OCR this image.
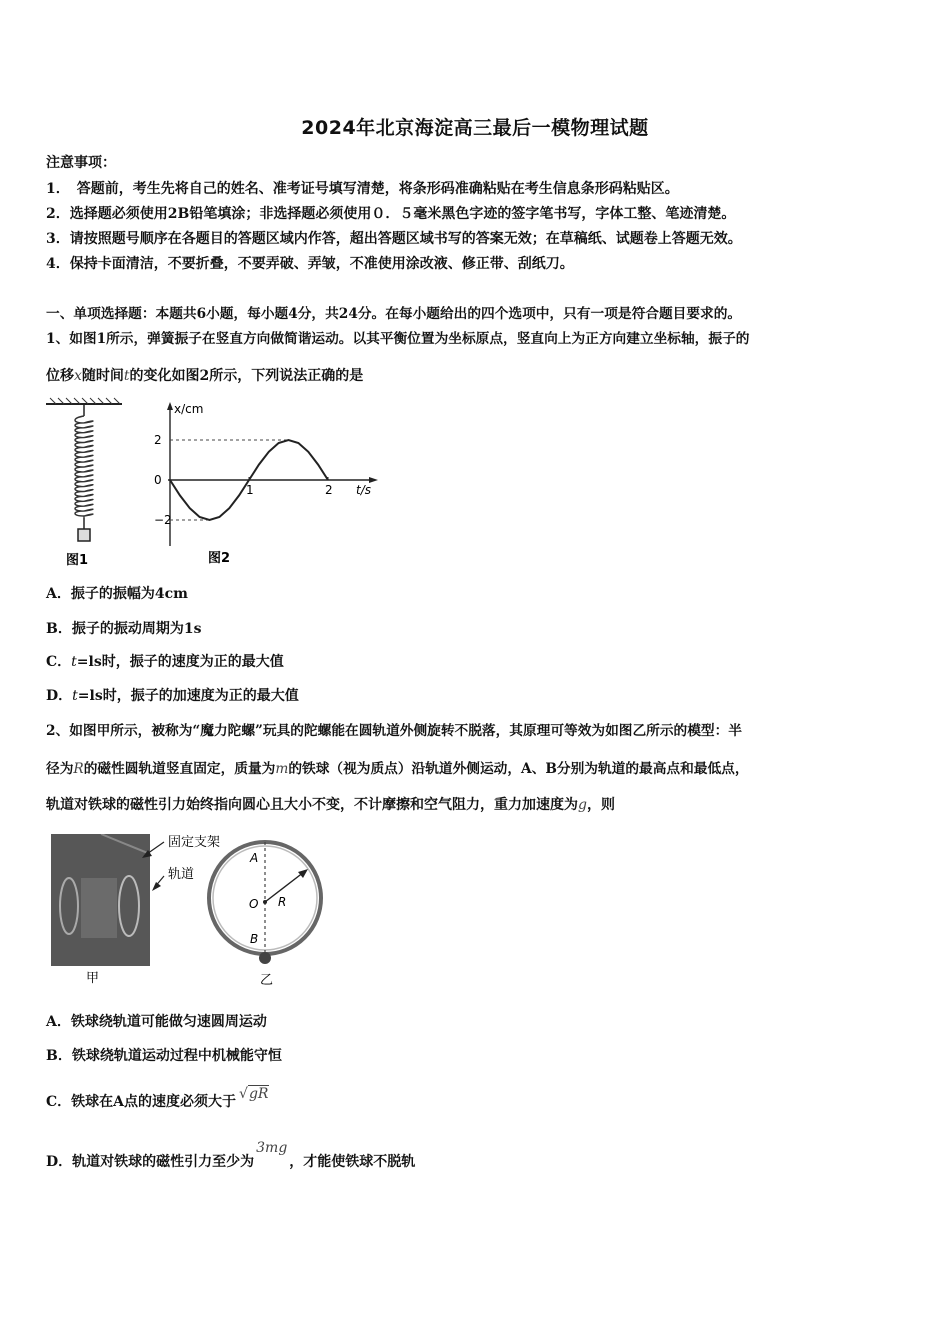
2024年北京海淀高三最后一模物理试题
注意事项：
1．　答题前，考生先将自己的姓名、准考证号填写清楚，将条形码准确粘贴在考生信息条形码粘贴区。
2．选择题必须使用2B铅笔填涂；非选择题必须使用０．５毫米黑色字迹的签字笔书写，字体工整、笔迹清楚。
3．请按照题号顺序在各题目的答题区域内作答，超出答题区域书写的答案无效；在草稿纸、试题卷上答题无效。
4．保持卡面清洁，不要折叠，不要弄破、弄皱，不准使用涂改液、修正带、刮纸刀。
一、单项选择题：本题共6小题，每小题4分，共24分。在每小题给出的四个选项中，只有一项是符合题目要求的。
1、如图1所示，弹簧振子在竖直方向做简谐运动。以其平衡位置为坐标原点，竖直向上为正方向建立坐标轴，振子的
位移x随时间t的变化如图2所示，下列说法正确的是
图1
x/cm
t/s
2
0
−2
1	2
图2
A．振子的振幅为4cm
B．振子的振动周期为1s
C．t=ls时，振子的速度为正的最大值
D．t=ls时，振子的加速度为正的最大值
2、如图甲所示，被称为“魔力陀螺”玩具的陀螺能在圆轨道外侧旋转不脱落，其原理可等效为如图乙所示的模型：半
径为R的磁性圆轨道竖直固定，质量为m的铁球（视为质点）沿轨道外侧运动，A、B分别为轨道的最高点和最低点，
轨道对铁球的磁性引力始终指向圆心且大小不变，不计摩擦和空气阻力，重力加速度为g，则
固定支架
轨道
甲
A
O
B
R
乙
A．铁球绕轨道可能做匀速圆周运动
B．铁球绕轨道运动过程中机械能守恒
C．铁球在A点的速度必须大于 √gR
D．轨道对铁球的磁性引力至少为3mg，才能使铁球不脱轨
